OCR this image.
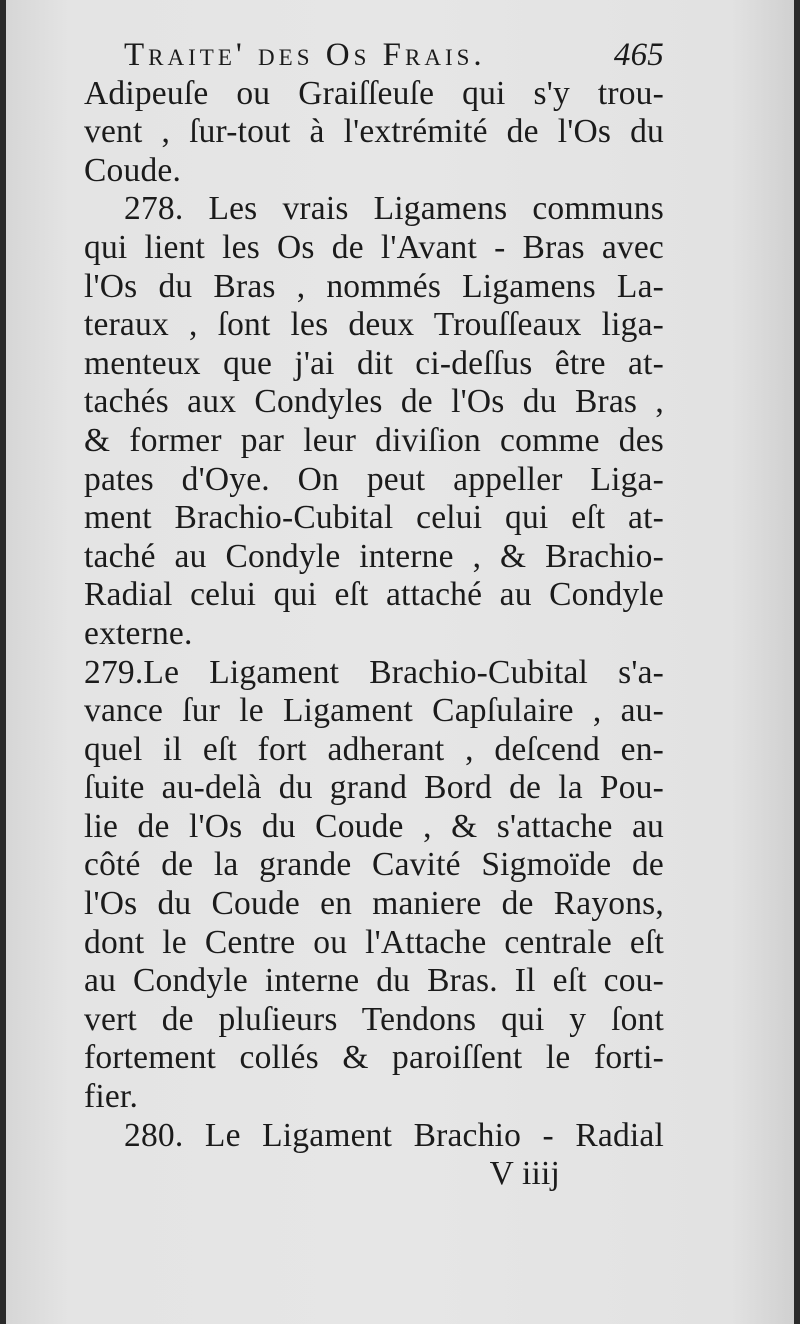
Traite' des Os Frais.	465
Adipeuſe ou Graiſſeuſe qui s'y trou-
vent , ſur-tout à l'extrémité de l'Os du
Coude.
278. Les vrais Ligamens communs
qui lient les Os de l'Avant - Bras avec
l'Os du Bras , nommés Ligamens La-
teraux , ſont les deux Trouſſeaux liga-
menteux que j'ai dit ci-deſſus être at-
tachés aux Condyles de l'Os du Bras ,
& former par leur diviſion comme des
pates d'Oye. On peut appeller Liga-
ment Brachio-Cubital celui qui eſt at-
taché au Condyle interne , & Brachio-
Radial celui qui eſt attaché au Condyle
externe.
279.Le Ligament Brachio-Cubital s'a-
vance ſur le Ligament Capſulaire , au-
quel il eſt fort adherant , deſcend en-
ſuite au-delà du grand Bord de la Pou-
lie de l'Os du Coude , & s'attache au
côté de la grande Cavité Sigmoïde de
l'Os du Coude en maniere de Rayons,
dont le Centre ou l'Attache centrale eſt
au Condyle interne du Bras. Il eſt cou-
vert de pluſieurs Tendons qui y ſont
fortement collés & paroiſſent le forti-
fier.
280. Le Ligament Brachio - Radial
V iiij
